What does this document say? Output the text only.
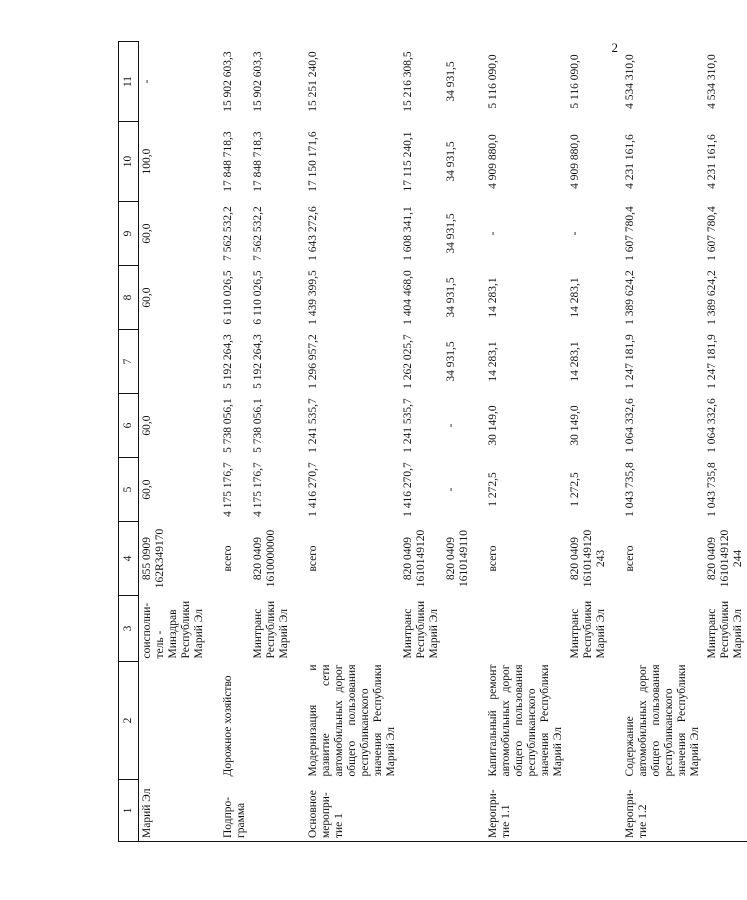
2
1	2	3	4	5	6	7	8	9	10	11
Марий Эл		соисполни-тель - Минздрав Республики Марий Эл	855 0909 162R349170	60,0	60,0		60,0	60,0	100,0	-
Подпро-грамма	Дорожное хозяйство		всего	4 175 176,7	5 738 056,1	5 192 264,3	6 110 026,5	7 562 532,2	17 848 718,3	15 902 603,3
		Минтранс Республики Марий Эл	820 0409 1610000000	4 175 176,7	5 738 056,1	5 192 264,3	6 110 026,5	7 562 532,2	17 848 718,3	15 902 603,3
Основное меропри-тие 1	Модернизация и развитие сети автомобильных дорог общего пользования республиканского значения Республики Марий Эл		всего	1 416 270,7	1 241 535,7	1 296 957,2	1 439 399,5	1 643 272,6	17 150 171,6	15 251 240,0
		Минтранс Республики Марий Эл	820 0409 1610149120	1 416 270,7	1 241 535,7	1 262 025,7	1 404 468,0	1 608 341,1	17 115 240,1	15 216 308,5
			820 0409 1610149110	-	-	34 931,5	34 931,5	34 931,5	34 931,5	34 931,5
Меропри-тие 1.1	Капитальный ремонт автомобильных дорог общего пользования республиканского значения Республики Марий Эл		всего	1 272,5	30 149,0	14 283,1	14 283,1	-	4 909 880,0	5 116 090,0
		Минтранс Республики Марий Эл	820 0409 1610149120 243	1 272,5	30 149,0	14 283,1	14 283,1	-	4 909 880,0	5 116 090,0
Меропри-тие 1.2	Содержание автомобильных дорог общего пользования республиканского значения Республики Марий Эл		всего	1 043 735,8	1 064 332,6	1 247 181,9	1 389 624,2	1 607 780,4	4 231 161,6	4 534 310,0
		Минтранс Республики Марий Эл	820 0409 1610149120 244	1 043 735,8	1 064 332,6	1 247 181,9	1 389 624,2	1 607 780,4	4 231 161,6	4 534 310,0
